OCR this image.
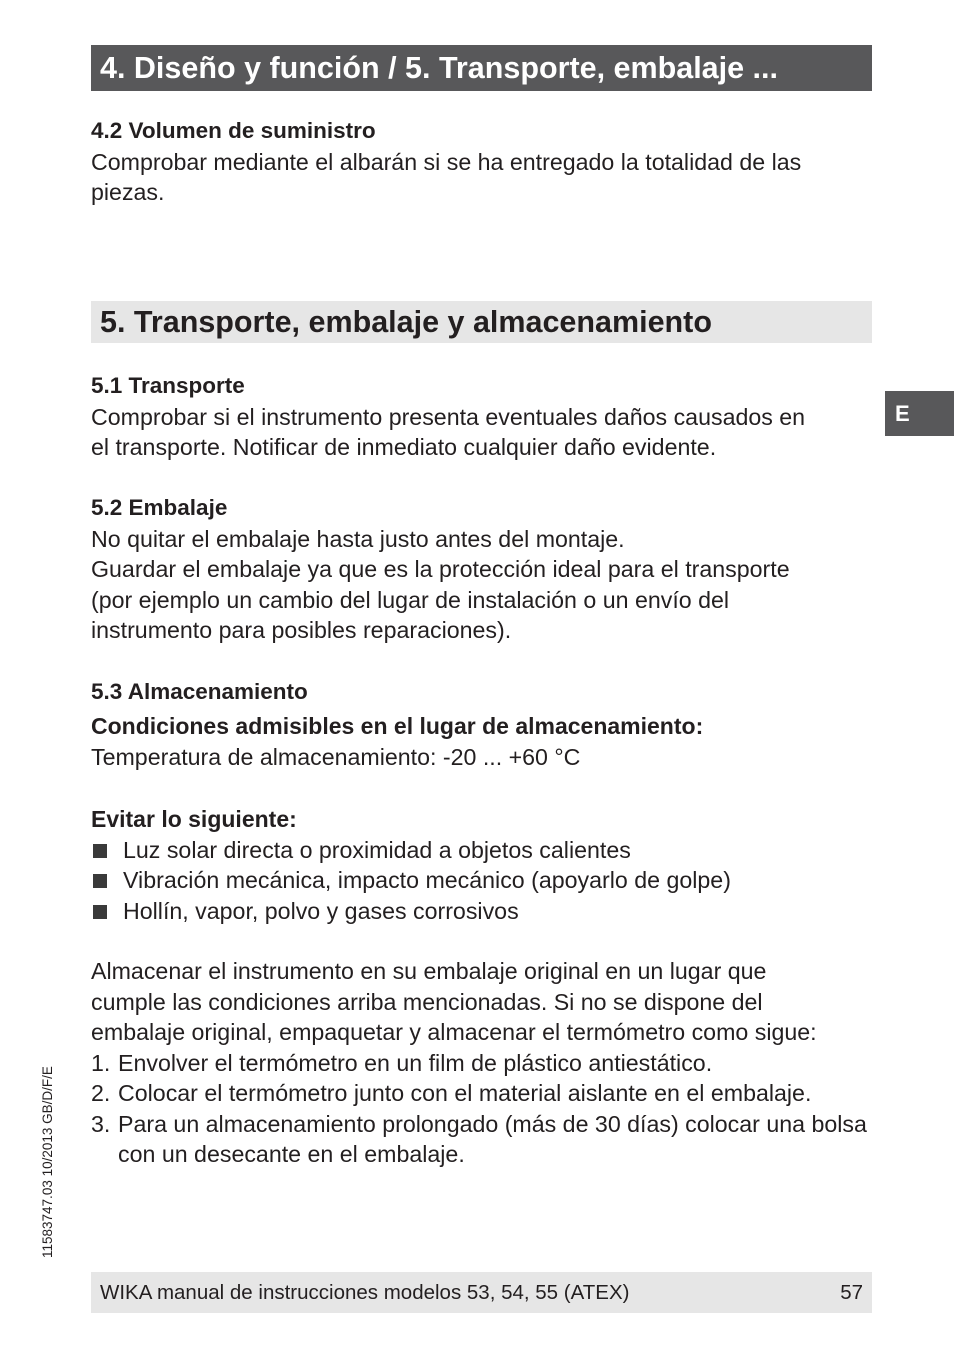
4. Diseño y función / 5. Transporte, embalaje ...

4.2 Volumen de suministro

Comprobar mediante el albarán si se ha entregado la totalidad de las

piezas.

5. Transporte, embalaje y almacenamiento

5.1 Transporte

Comprobar si el instrumento presenta eventuales daños causados en

el transporte. Notificar de inmediato cualquier daño evidente.

E

5.2 Embalaje

No quitar el embalaje hasta justo antes del montaje.

Guardar el embalaje ya que es la protección ideal para el transporte

(por ejemplo un cambio del lugar de instalación o un envío del

instrumento para posibles reparaciones).

5.3 Almacenamiento

Condiciones admisibles en el lugar de almacenamiento:

Temperatura de almacenamiento: -20 ... +60 °C

Evitar lo siguiente:

Luz solar directa o proximidad a objetos calientes

Vibración mecánica, impacto mecánico (apoyarlo de golpe)

Hollín, vapor, polvo y gases corrosivos

Almacenar el instrumento en su embalaje original en un lugar que

cumple las condiciones arriba mencionadas. Si no se dispone del

embalaje original, empaquetar y almacenar el termómetro como sigue:

1. Envolver el termómetro en un film de plástico antiestático.

2. Colocar el termómetro junto con el material aislante en el embalaje.

3. Para un almacenamiento prolongado (más de 30 días) colocar una bolsa con un desecante en el embalaje.

11583747.03 10/2013 GB/D/F/E
WIKA manual de instrucciones modelos 53, 54, 55 (ATEX)	57
